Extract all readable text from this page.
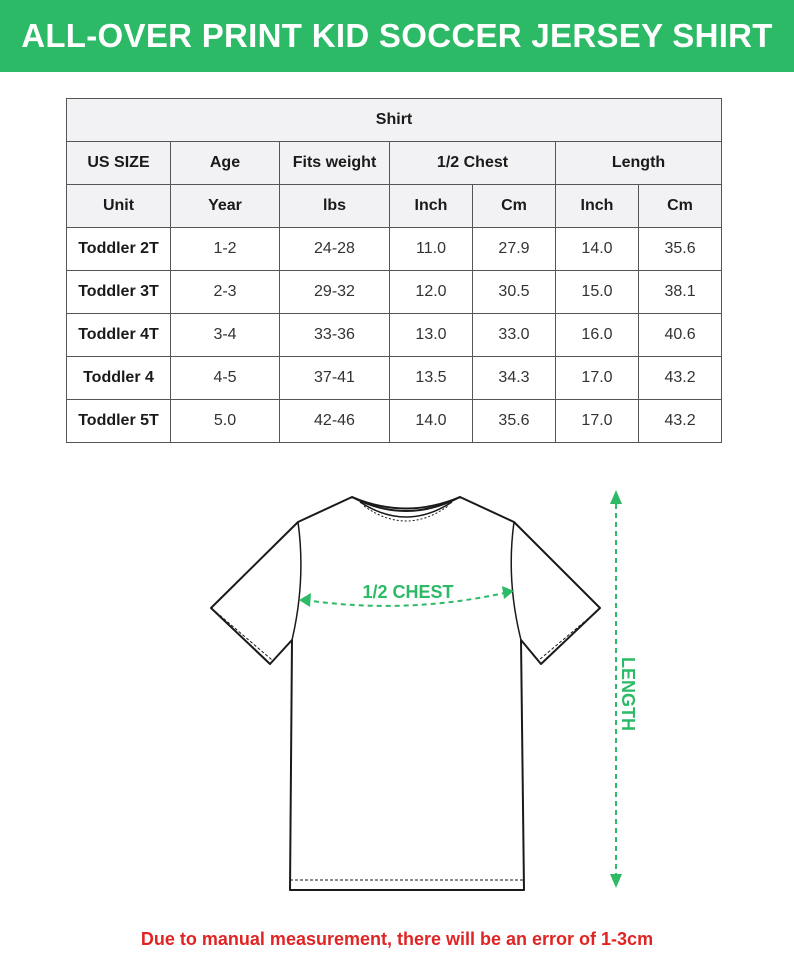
ALL-OVER PRINT KID SOCCER JERSEY SHIRT
Shirt						
US SIZE	Age	Fits weight	1/2 Chest		Length	
Unit	Year	lbs	Inch	Cm	Inch	Cm
Toddler 2T	1-2	24-28	11.0	27.9	14.0	35.6
Toddler 3T	2-3	29-32	12.0	30.5	15.0	38.1
Toddler 4T	3-4	33-36	13.0	33.0	16.0	40.6
Toddler 4	4-5	37-41	13.5	34.3	17.0	43.2
Toddler 5T	5.0	42-46	14.0	35.6	17.0	43.2
1/2 CHEST
LENGTH
Due to manual measurement, there will be an error of 1-3cm
